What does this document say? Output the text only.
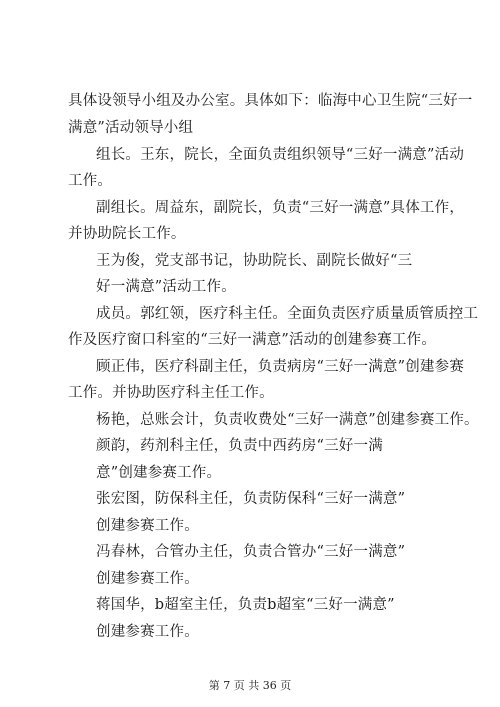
具体设领导小组及办公室。具体如下：临海中心卫生院“三好一
满意”活动领导小组
组长。王东，院长，全面负责组织领导“三好一满意”活动
工作。
副组长。周益东，副院长，负责“三好一满意”具体工作，
并协助院长工作。
王为俊，党支部书记，协助院长、副院长做好“三
好一满意”活动工作。
成员。郭红领，医疗科主任。全面负责医疗质量质管质控工
作及医疗窗口科室的“三好一满意”活动的创建参赛工作。
顾正伟，医疗科副主任，负责病房“三好一满意”创建参赛
工作。并协助医疗科主任工作。
杨艳，总账会计，负责收费处“三好一满意”创建参赛工作。
颜韵，药剂科主任，负责中西药房“三好一满
意”创建参赛工作。
张宏图，防保科主任，负责防保科“三好一满意”
创建参赛工作。
冯春林，合管办主任，负责合管办“三好一满意”
创建参赛工作。
蒋国华，b超室主任，负责b超室“三好一满意”
创建参赛工作。
第 7 页 共 36 页
